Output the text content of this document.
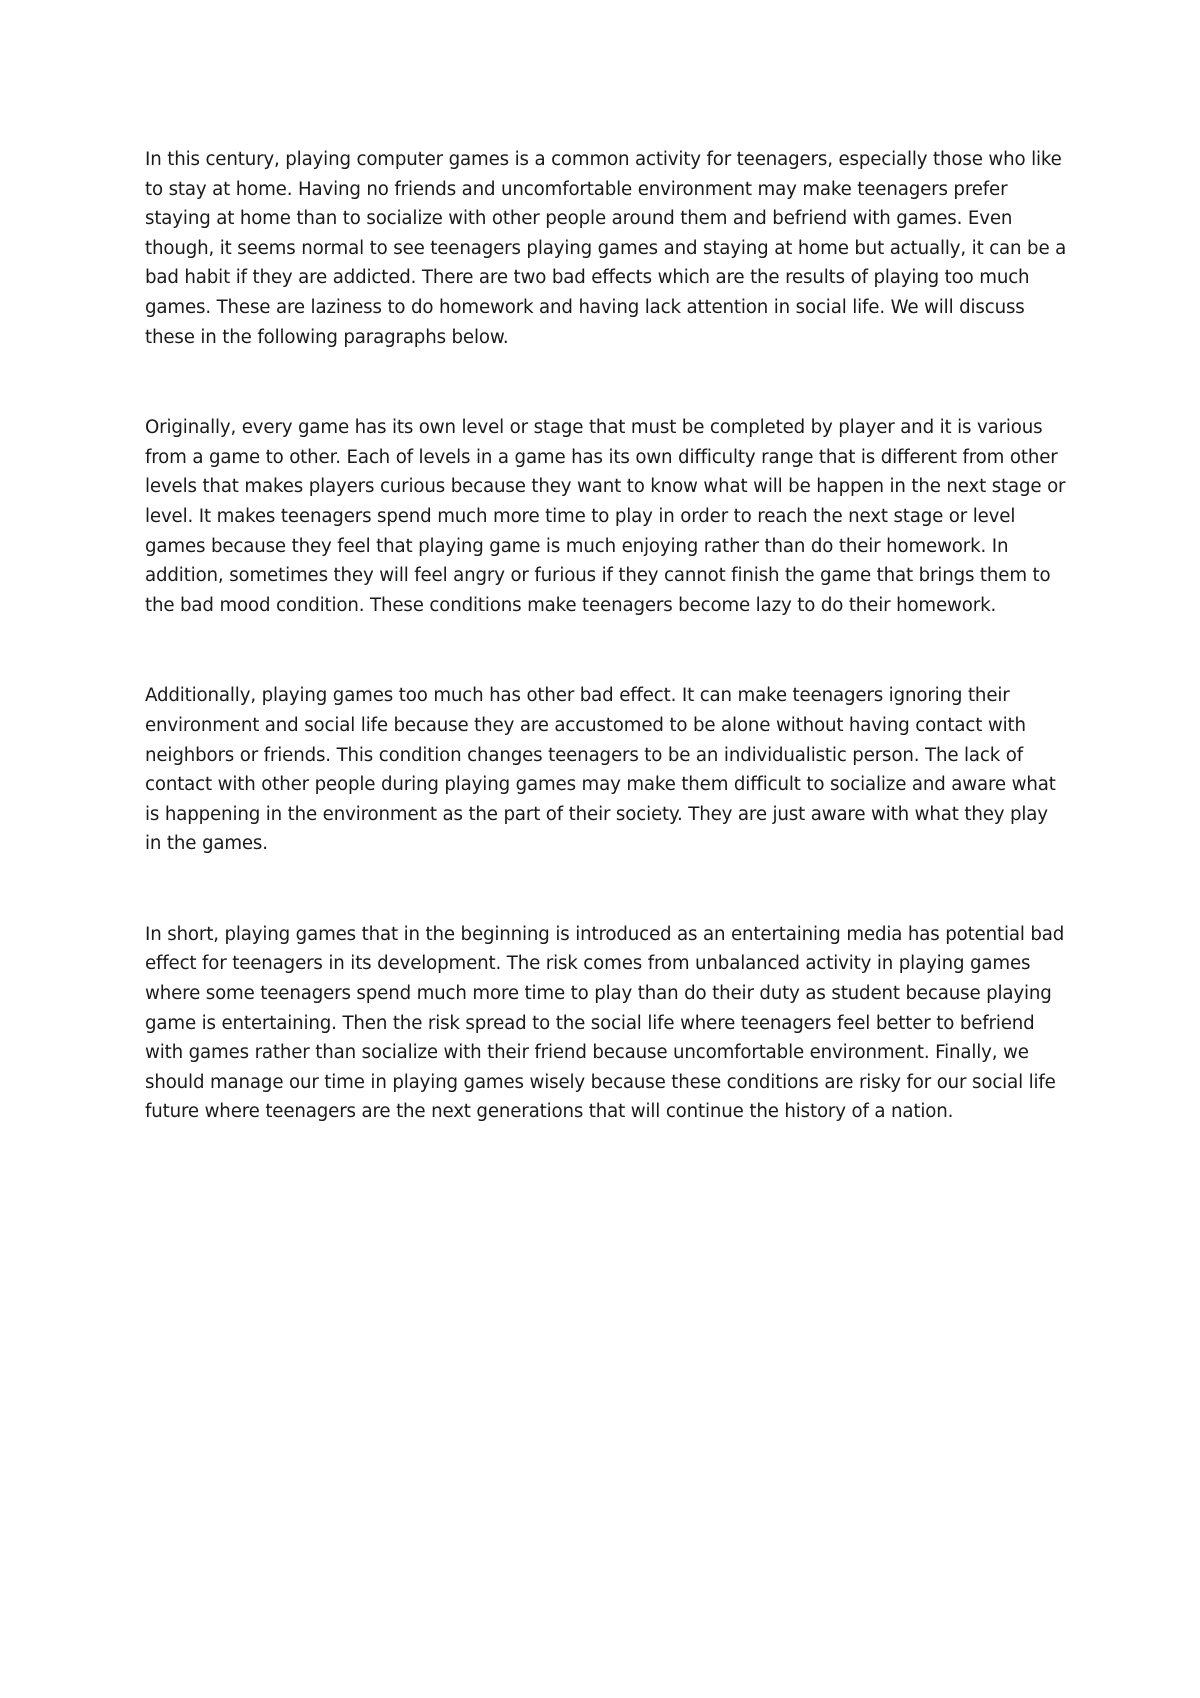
In this century, playing computer games is a common activity for teenagers, especially those who like to stay at home. Having no friends and uncomfortable environment may make teenagers prefer staying at home than to socialize with other people around them and befriend with games. Even though, it seems normal to see teenagers playing games and staying at home but actually, it can be a bad habit if they are addicted. There are two bad effects which are the results of playing too much games. These are laziness to do homework and having lack attention in social life. We will discuss these in the following paragraphs below.

Originally, every game has its own level or stage that must be completed by player and it is various from a game to other. Each of levels in a game has its own difficulty range that is different from other levels that makes players curious because they want to know what will be happen in the next stage or level. It makes teenagers spend much more time to play in order to reach the next stage or level games because they feel that playing game is much enjoying rather than do their homework. In addition, sometimes they will feel angry or furious if they cannot finish the game that brings them to the bad mood condition. These conditions make teenagers become lazy to do their homework.

Additionally, playing games too much has other bad effect. It can make teenagers ignoring their environment and social life because they are accustomed to be alone without having contact with neighbors or friends. This condition changes teenagers to be an individualistic person. The lack of contact with other people during playing games may make them difficult to socialize and aware what is happening in the environment as the part of their society. They are just aware with what they play in the games.

In short, playing games that in the beginning is introduced as an entertaining media has potential bad effect for teenagers in its development. The risk comes from unbalanced activity in playing games where some teenagers spend much more time to play than do their duty as student because playing game is entertaining. Then the risk spread to the social life where teenagers feel better to befriend with games rather than socialize with their friend because uncomfortable environment. Finally, we should manage our time in playing games wisely because these conditions are risky for our social life future where teenagers are the next generations that will continue the history of a nation.
